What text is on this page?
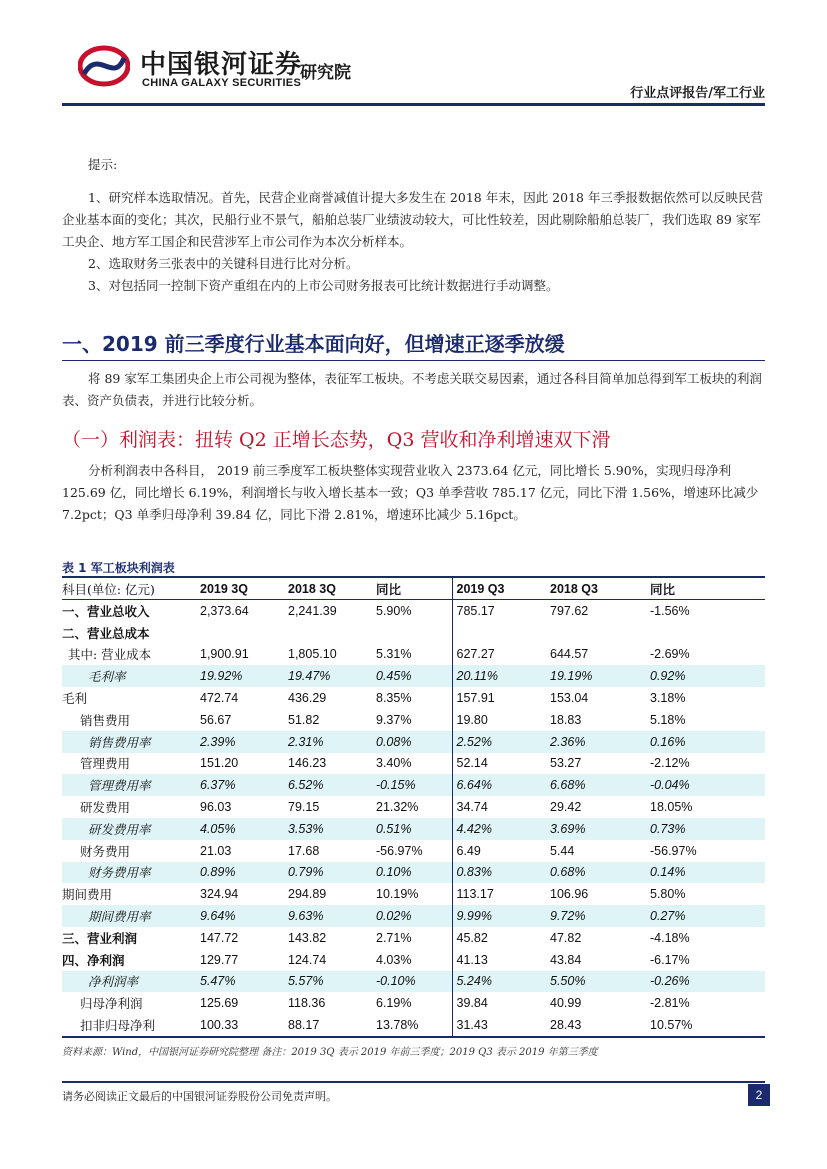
中国银河证券
CHINA GALAXY SECURITIES
研究院
行业点评报告/军工行业

提示:

1、研究样本选取情况。首先，民营企业商誉减值计提大多发生在 2018 年末，因此 2018 年三季报数据依然可以反映民营企业基本面的变化；其次，民船行业不景气，船舶总装厂业绩波动较大，可比性较差，因此剔除船舶总装厂，我们选取 89 家军工央企、地方军工国企和民营涉军上市公司作为本次分析样本。

2、选取财务三张表中的关键科目进行比对分析。

3、对包括同一控制下资产重组在内的上市公司财务报表可比统计数据进行手动调整。

一、2019 前三季度行业基本面向好，但增速正逐季放缓

将 89 家军工集团央企上市公司视为整体，表征军工板块。不考虑关联交易因素，通过各科目简单加总得到军工板块的利润表、资产负债表，并进行比较分析。

（一）利润表：扭转 Q2 正增长态势，Q3 营收和净利增速双下滑

分析利润表中各科目， 2019 前三季度军工板块整体实现营业收入 2373.64 亿元，同比增长 5.90%，实现归母净利 125.69 亿，同比增长 6.19%，利润增长与收入增长基本一致；Q3 单季营收 785.17 亿元，同比下滑 1.56%，增速环比减少 7.2pct；Q3 单季归母净利 39.84 亿，同比下滑 2.81%，增速环比减少 5.16pct。

表 1 军工板块利润表
科目(单位: 亿元)	2019 3Q	2018 3Q	同比	2019 Q3	2018 Q3	同比
一、营业总收入	2,373.64	2,241.39	5.90%	785.17	797.62	-1.56%
二、营业总成本						
其中: 营业成本	1,900.91	1,805.10	5.31%	627.27	644.57	-2.69%
毛利率	19.92%	19.47%	0.45%	20.11%	19.19%	0.92%
毛利	472.74	436.29	8.35%	157.91	153.04	3.18%
销售费用	56.67	51.82	9.37%	19.80	18.83	5.18%
销售费用率	2.39%	2.31%	0.08%	2.52%	2.36%	0.16%
管理费用	151.20	146.23	3.40%	52.14	53.27	-2.12%
管理费用率	6.37%	6.52%	-0.15%	6.64%	6.68%	-0.04%
研发费用	96.03	79.15	21.32%	34.74	29.42	18.05%
研发费用率	4.05%	3.53%	0.51%	4.42%	3.69%	0.73%
财务费用	21.03	17.68	-56.97%	6.49	5.44	-56.97%
财务费用率	0.89%	0.79%	0.10%	0.83%	0.68%	0.14%
期间费用	324.94	294.89	10.19%	113.17	106.96	5.80%
期间费用率	9.64%	9.63%	0.02%	9.99%	9.72%	0.27%
三、营业利润	147.72	143.82	2.71%	45.82	47.82	-4.18%
四、净利润	129.77	124.74	4.03%	41.13	43.84	-6.17%
净利润率	5.47%	5.57%	-0.10%	5.24%	5.50%	-0.26%
归母净利润	125.69	118.36	6.19%	39.84	40.99	-2.81%
扣非归母净利	100.33	88.17	13.78%	31.43	28.43	10.57%
资料来源：Wind，中国银河证券研究院整理 备注：2019 3Q 表示 2019 年前三季度；2019 Q3 表示 2019 年第三季度
请务必阅读正文最后的中国银河证券股份公司免责声明。	2
